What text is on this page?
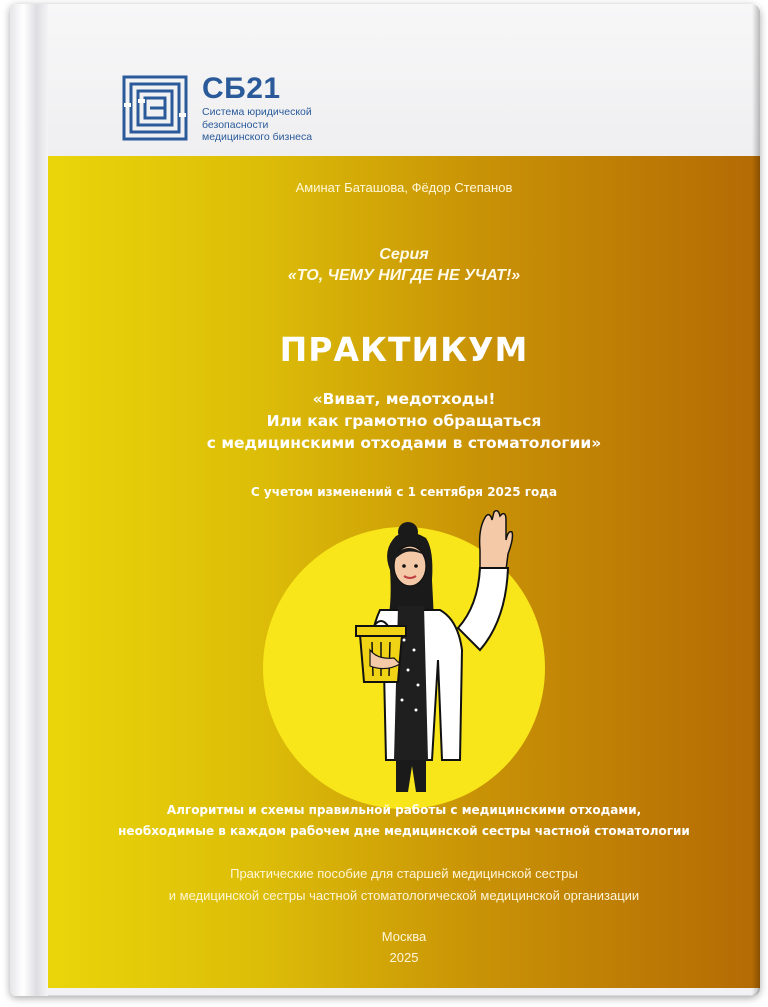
СБ21
Система юридической
безопасности
медицинского бизнеса
Аминат Баташова, Фёдор Степанов
Серия
«ТО, ЧЕМУ НИГДЕ НЕ УЧАТ!»
ПРАКТИКУМ
«Виват, медотходы!
Или как грамотно обращаться
с медицинскими отходами в стоматологии»
С учетом изменений с 1 сентября 2025 года
Алгоритмы и схемы правильной работы с медицинскими отходами,
необходимые в каждом рабочем дне медицинской сестры частной стоматологии
Практические пособие для старшей медицинской сестры
и медицинской сестры частной стоматологической медицинской организации
Москва
2025
